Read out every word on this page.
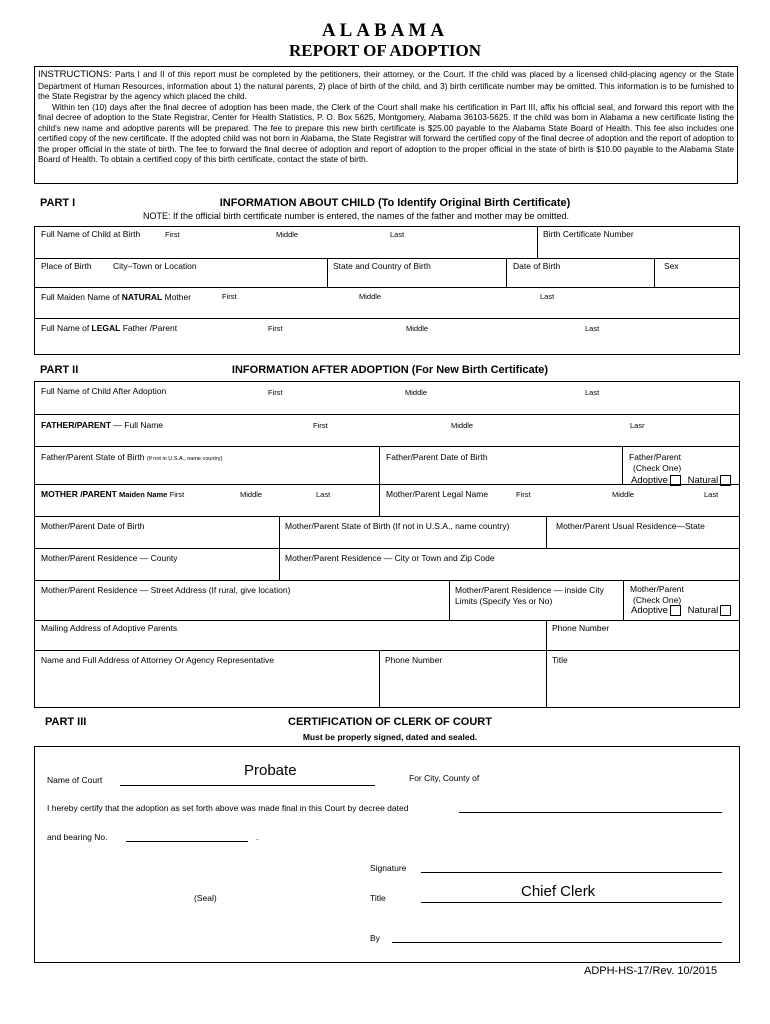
ALABAMA
REPORT OF ADOPTION

INSTRUCTIONS: Parts I and II of this report must be completed by the petitioners, their attorney, or the Court. If the child was placed by a licensed child-placing agency or the State Department of Human Resources, information about 1) the natural parents, 2) place of birth of the child, and 3) birth certificate number may be omitted. This information is to be furnished to the State Registrar by the agency which placed the child.

Within ten (10) days after the final decree of adoption has been made, the Clerk of the Court shall make his certification in Part III, affix his official seal, and forward this report with the final decree of adoption to the State Registrar, Center for Health Statistics, P. O. Box 5625, Montgomery, Alabama 36103-5625. If the child was born in Alabama a new certificate listing the child's new name and adoptive parents will be prepared. The fee to prepare this new birth certificate is $25.00 payable to the Alabama State Board of Health. This fee also includes one certified copy of the new certificate. If the adopted child was not born in Alabama, the State Registrar will forward the certified copy of the final decree of adoption and the report of adoption to the proper official in the state of birth. The fee to forward the final decree of adoption and report of adoption to the proper official in the state of birth is $10.00 payable to the Alabama State Board of Health. To obtain a certified copy of this birth certificate, contact the state of birth.

PART I	INFORMATION ABOUT CHILD (To Identify Original Birth Certificate)
NOTE: If the official birth certificate number is entered, the names of the father and mother may be omitted.
Full Name of Child at Birth	First	Middle	Last	Birth Certificate Number
Place of Birth	City–Town or Location	State and Country of Birth	Date of Birth	Sex
Full Maiden Name of NATURAL Mother	First	Middle	Last
Full Name of LEGAL Father /Parent	First	Middle	Last
PART II	INFORMATION AFTER ADOPTION (For New Birth Certificate)
Full Name of Child After Adoption	First	Middle	Last
FATHER/PARENT — Full Name	First	Middle	Lasr
Father/Parent State of Birth (If not in U.S.A., name country)	Father/Parent Date of Birth	Father/Parent
(Check One)
Adoptive Natural
MOTHER /PARENT Maiden Name First	Middle	Last	Mother/Parent Legal Name	First	Middle	Last
Mother/Parent Date of Birth	Mother/Parent State of Birth (If not in U.S.A., name country)	Mother/Parent Usual Residence—State
Mother/Parent Residence — County	Mother/Parent Residence — City or Town and Zip Code
Mother/Parent Residence — Street Address (If rural, give location)	Mother/Parent Residence — inside City Limits (Specify Yes or No)
Mother/Parent
(Check One)
Adoptive Natural
Mailing Address of Adoptive Parents	Phone Number
Name and Full Address of Attorney Or Agency Representative	Phone Number	Title
PART III	CERTIFICATION OF CLERK OF COURT
Must be properly signed, dated and sealed.
Name of Court
Probate	For City, County of
I hereby certify that the adoption as set forth above was made final in this Court by decree dated
and bearing No.	.
Signature
(Seal)	Title	Chief Clerk
By
ADPH-HS-17/Rev. 10/2015
